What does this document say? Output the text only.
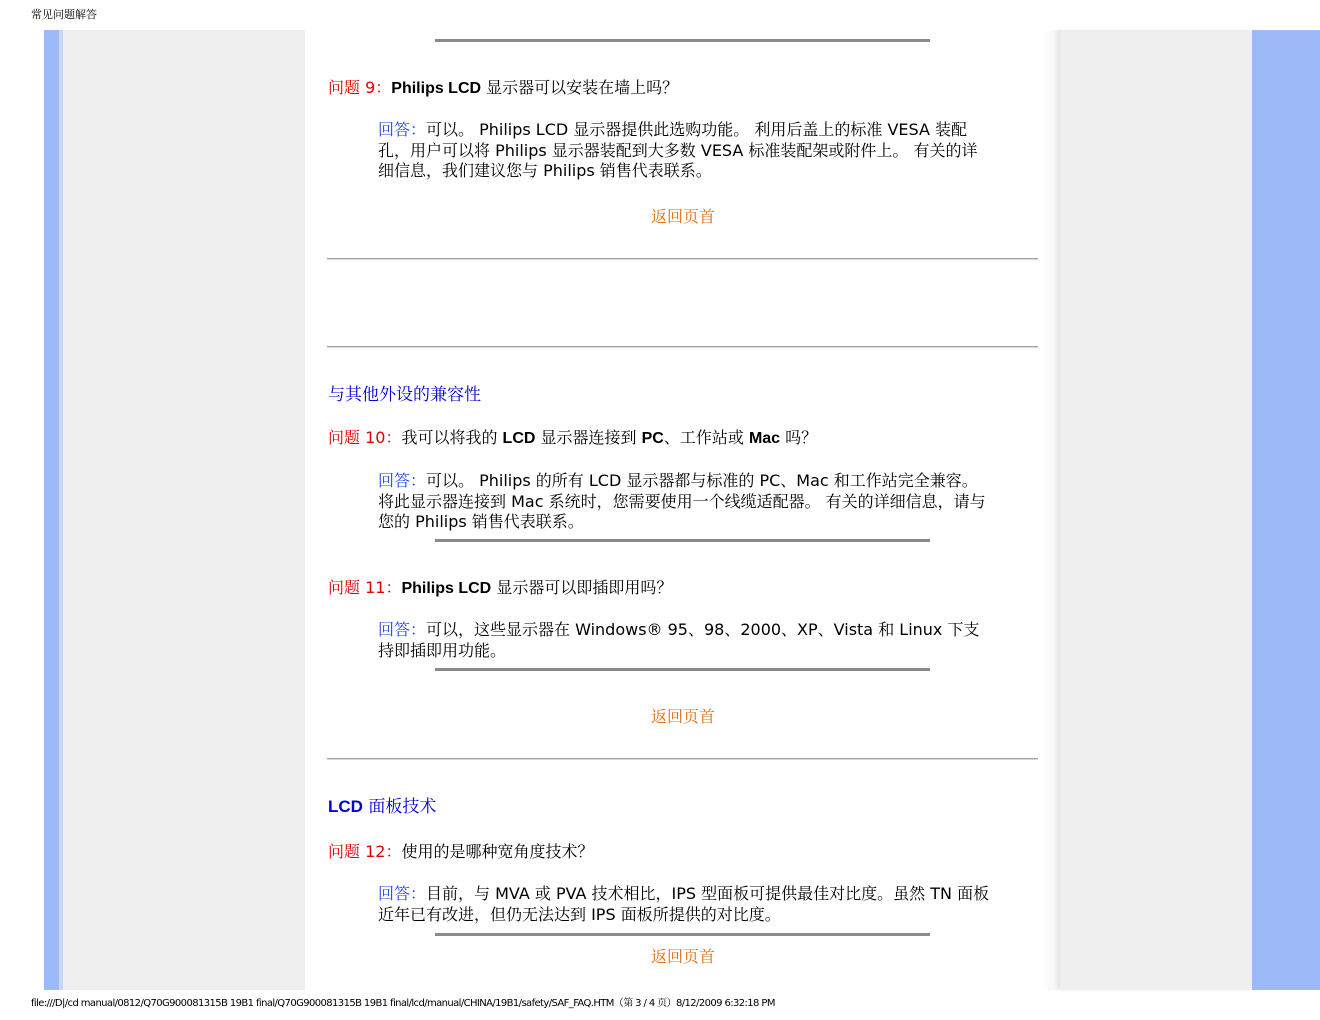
常见问题解答
问题 9：Philips LCD 显示器可以安装在墙上吗？
回答：可以。 Philips LCD 显示器提供此选购功能。 利用后盖上的标准 VESA 装配孔，用户可以将 Philips 显示器装配到大多数 VESA 标准装配架或附件上。 有关的详细信息，我们建议您与 Philips 销售代表联系。
返回页首
与其他外设的兼容性
问题 10：我可以将我的 LCD 显示器连接到 PC、工作站或 Mac 吗？
回答：可以。 Philips 的所有 LCD 显示器都与标准的 PC、Mac 和工作站完全兼容。将此显示器连接到 Mac 系统时，您需要使用一个线缆适配器。 有关的详细信息，请与您的 Philips 销售代表联系。
问题 11：Philips LCD 显示器可以即插即用吗？
回答：可以，这些显示器在 Windows® 95、98、2000、XP、Vista 和 Linux 下支持即插即用功能。
返回页首
LCD 面板技术
问题 12：使用的是哪种宽角度技术？
回答：目前，与 MVA 或 PVA 技术相比，IPS 型面板可提供最佳对比度。虽然 TN 面板近年已有改进，但仍无法达到 IPS 面板所提供的对比度。
返回页首
file:///D|/cd manual/0812/Q70G900081315B 19B1 final/Q70G900081315B 19B1 final/lcd/manual/CHINA/19B1/safety/SAF_FAQ.HTM（第 3 / 4 页）8/12/2009 6:32:18 PM
